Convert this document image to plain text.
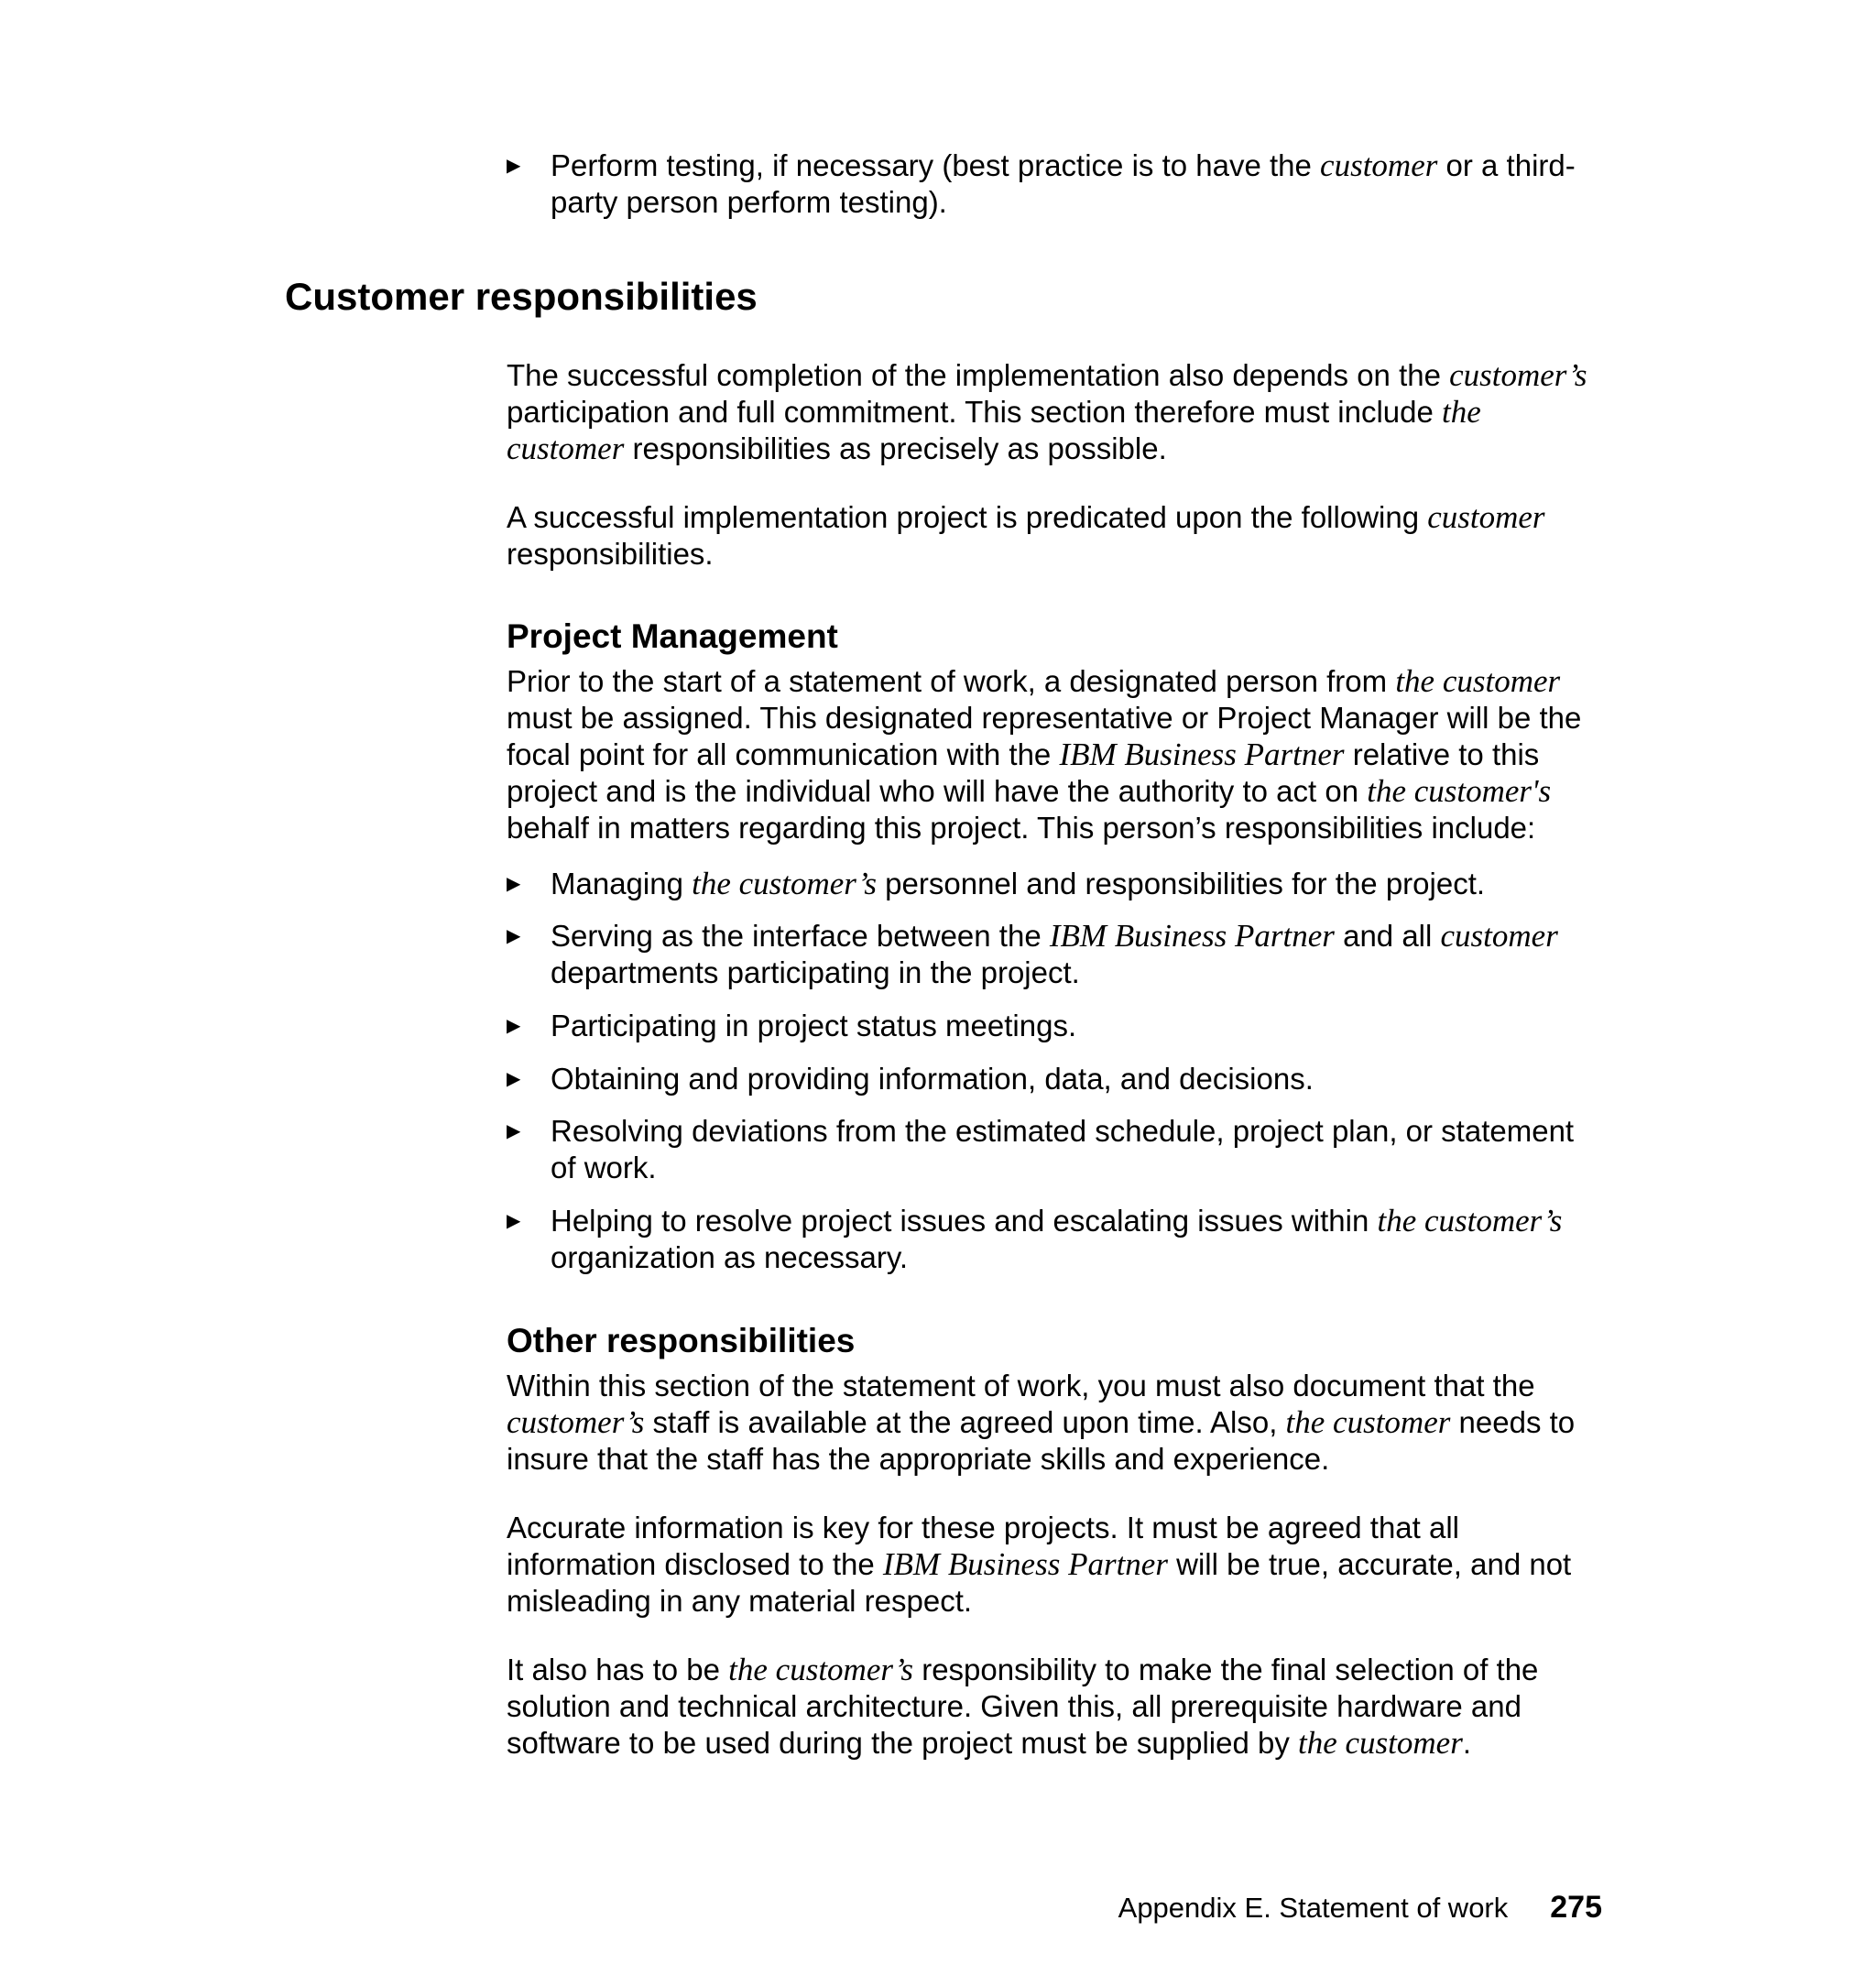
▶ Perform testing, if necessary (best practice is to have the customer or a third-party person perform testing).
Customer responsibilities
The successful completion of the implementation also depends on the customer’s participation and full commitment. This section therefore must include the customer responsibilities as precisely as possible.
A successful implementation project is predicated upon the following customer responsibilities.
Project Management
Prior to the start of a statement of work, a designated person from the customer must be assigned. This designated representative or Project Manager will be the focal point for all communication with the IBM Business Partner relative to this project and is the individual who will have the authority to act on the customer's behalf in matters regarding this project. This person’s responsibilities include:
▶ Managing the customer’s personnel and responsibilities for the project.
▶ Serving as the interface between the IBM Business Partner and all customer departments participating in the project.
▶ Participating in project status meetings.
▶ Obtaining and providing information, data, and decisions.
▶ Resolving deviations from the estimated schedule, project plan, or statement of work.
▶ Helping to resolve project issues and escalating issues within the customer’s organization as necessary.
Other responsibilities
Within this section of the statement of work, you must also document that the customer’s staff is available at the agreed upon time. Also, the customer needs to insure that the staff has the appropriate skills and experience.
Accurate information is key for these projects. It must be agreed that all information disclosed to the IBM Business Partner will be true, accurate, and not misleading in any material respect.
It also has to be the customer’s responsibility to make the final selection of the solution and technical architecture. Given this, all prerequisite hardware and software to be used during the project must be supplied by the customer.
Appendix E. Statement of work 275
